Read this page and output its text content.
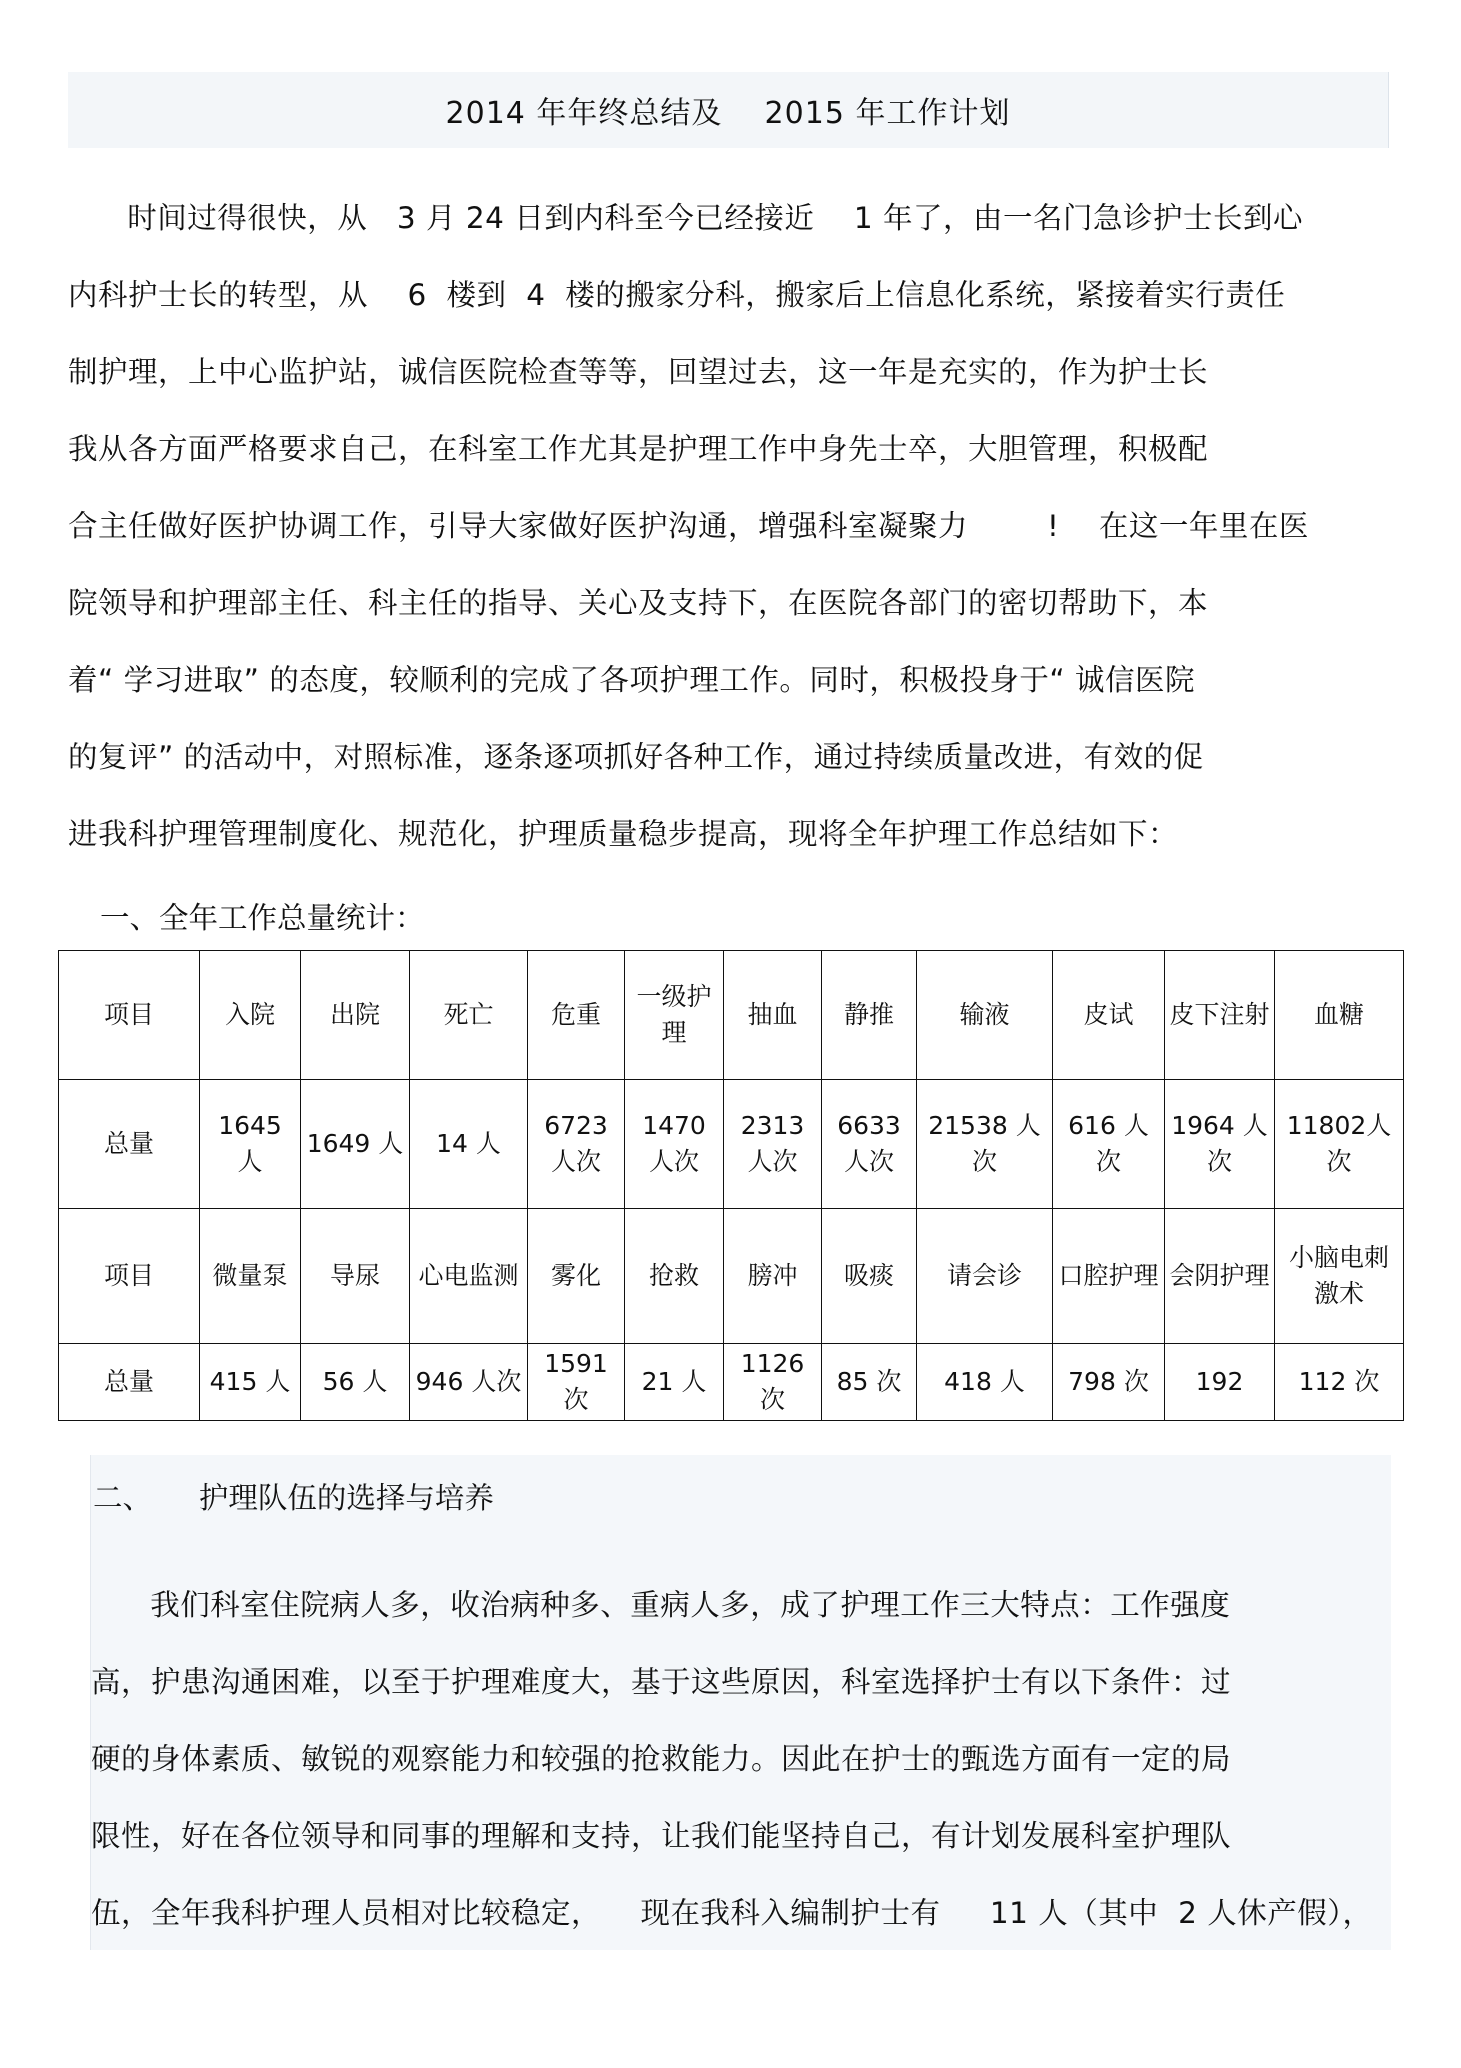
2014 年年终总结及    2015 年工作计划
时间过得很快，从   3 月 24 日到内科至今已经接近    1 年了，由一名门急诊护士长到心
内科护士长的转型，从    6  楼到  4  楼的搬家分科，搬家后上信息化系统，紧接着实行责任
制护理，上中心监护站，诚信医院检查等等，回望过去，这一年是充实的，作为护士长
我从各方面严格要求自己，在科室工作尤其是护理工作中身先士卒，大胆管理，积极配
合主任做好医护协调工作，引导大家做好医护沟通，增强科室凝聚力        !    在这一年里在医
院领导和护理部主任、科主任的指导、关心及支持下，在医院各部门的密切帮助下，本
着“ 学习进取” 的态度，较顺利的完成了各项护理工作。同时，积极投身于“ 诚信医院
的复评” 的活动中，对照标准，逐条逐项抓好各种工作，通过持续质量改进，有效的促
进我科护理管理制度化、规范化，护理质量稳步提高，现将全年护理工作总结如下：
一、全年工作总量统计：
项目	入院	出院	死亡	危重	一级护理	抽血	静推	输液	皮试	皮下注射	血糖
总量	1645 人	1649 人	14 人	6723 人次	1470 人次	2313 人次	6633 人次	21538 人次	616 人次	1964 人次	11802人次
项目	微量泵	导尿	心电监测	雾化	抢救	膀冲	吸痰	请会诊	口腔护理	会阴护理	小脑电刺激术
总量	415 人	56 人	946 人次	1591 次	21 人	1126 次	85 次	418 人	798 次	192	112 次
二、     护理队伍的选择与培养
我们科室住院病人多，收治病种多、重病人多，成了护理工作三大特点：工作强度
高，护患沟通困难，以至于护理难度大，基于这些原因，科室选择护士有以下条件：过
硬的身体素质、敏锐的观察能力和较强的抢救能力。因此在护士的甄选方面有一定的局
限性，好在各位领导和同事的理解和支持，让我们能坚持自己，有计划发展科室护理队
伍，全年我科护理人员相对比较稳定，    现在我科入编制护士有     11 人（其中  2 人休产假），
